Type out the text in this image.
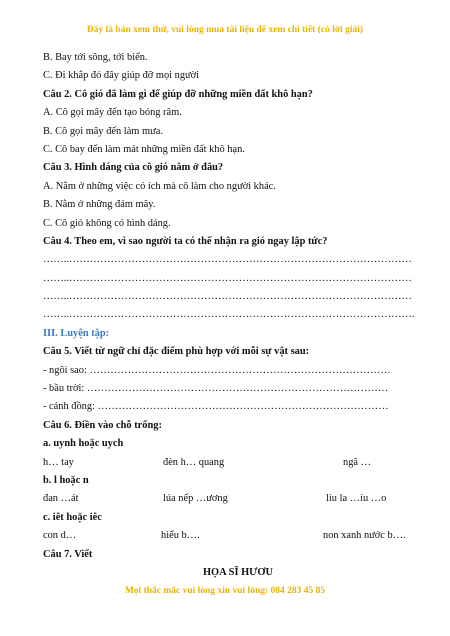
Đây là bản xem thử, vui lòng mua tài liệu để xem chi tiết (có lời giải)
B. Bay tới sông, tới biển.
C. Đi khắp đó đây giúp đỡ mọi người
Câu 2. Cô gió đã làm gì để giúp đỡ những miền đất khô hạn?
A. Cô gọi mây đến tạo bóng râm.
B. Cô gọi mây đến làm mưa.
C. Cô bay đến làm mát những miền đất khô hạn.
Câu 3. Hình dáng của cô gió nằm ở đâu?
A. Nằm ở những việc có ích mà cô làm cho người khác.
B. Nằm ở những đám mây.
C. Cô gió không có hình dáng.
Câu 4. Theo em, vì sao người ta có thể nhận ra gió ngay lập tức?
……..………………………………………………………………………………………
……..………………………………………………………………………………………
……..………………………………………………………………………………………
……..……………………………………………………………………………………….
III. Luyện tập:
Câu 5. Viết từ ngữ chỉ đặc điểm phù hợp với mỗi sự vật sau:
- ngôi sao: ……………………………………………………………………………
- bầu trời: ……………………………………………………………………………
- cánh đồng: …………………………………………………………………………
Câu 6. Điền vào chỗ trống:
a. uynh hoặc uych
h… tay	đèn h… quang	ngã …
b. l hoặc n
đan …át	lúa nếp …ương	líu la …íu …o
c. iêt hoặc iêc
con d…	hiểu b….	non xanh nước b….
Câu 7. Viết
HỌA SĨ HƯƠU
Mọi thắc mắc vui lòng xin vui lòng: 084 283 45 85
